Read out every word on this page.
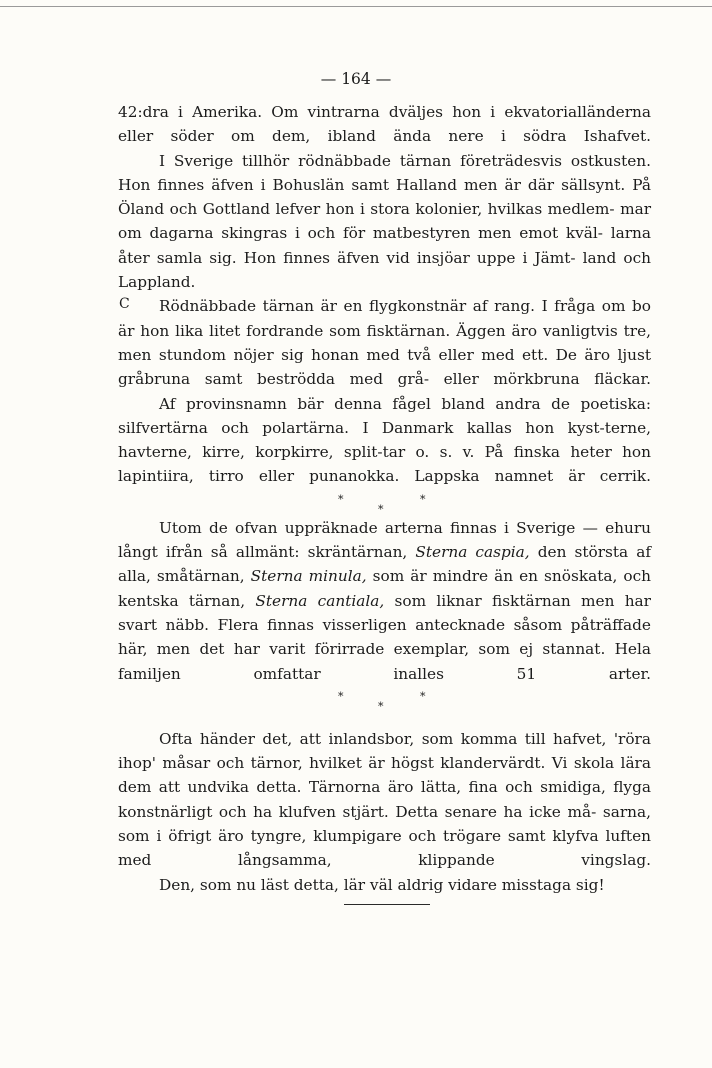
— 164 —
C

42:dra i Amerika. Om vintrarna dväljes hon i ekvatorialländerna eller söder om dem, ibland ända nere i södra Ishafvet.

I Sverige tillhör rödnäbbade tärnan företrädesvis ostkusten. Hon finnes äfven i Bohuslän samt Halland men är där sällsynt. På Öland och Gottland lefver hon i stora kolonier, hvilkas medlem- mar om dagarna skingras i och för matbestyren men emot kväl- larna åter samla sig. Hon finnes äfven vid insjöar uppe i Jämt- land och Lappland.

Rödnäbbade tärnan är en flygkonstnär af rang. I fråga om bo är hon lika litet fordrande som fisktärnan. Äggen äro vanligtvis tre, men stundom nöjer sig honan med två eller med ett. De äro ljust gråbruna samt beströdda med grå- eller mörkbruna fläckar.

Af provinsnamn bär denna fågel bland andra de poetiska: silfvertärna och polartärna. I Danmark kallas hon kyst-terne, havterne, kirre, korpkirre, split-tar o. s. v. På finska heter hon lapintiira, tirro eller punanokka. Lappska namnet är cerrik.

*	*
*

Utom de ofvan uppräknade arterna finnas i Sverige — ehuru långt ifrån så allmänt: skräntärnan, Sterna caspia, den största af alla, småtärnan, Sterna minula, som är mindre än en snöskata, och kentska tärnan, Sterna cantiala, som liknar fisktärnan men har svart näbb. Flera finnas visserligen antecknade såsom påträffade här, men det har varit förirrade exemplar, som ej stannat. Hela familjen omfattar inalles 51 arter.

*	*
*

Ofta händer det, att inlandsbor, som komma till hafvet, 'röra ihop' måsar och tärnor, hvilket är högst klandervärdt. Vi skola lära dem att undvika detta. Tärnorna äro lätta, fina och smidiga, flyga konstnärligt och ha klufven stjärt. Detta senare ha icke må- sarna, som i öfrigt äro tyngre, klumpigare och trögare samt klyfva luften med långsamma, klippande vingslag.

Den, som nu läst detta, lär väl aldrig vidare misstaga sig!
